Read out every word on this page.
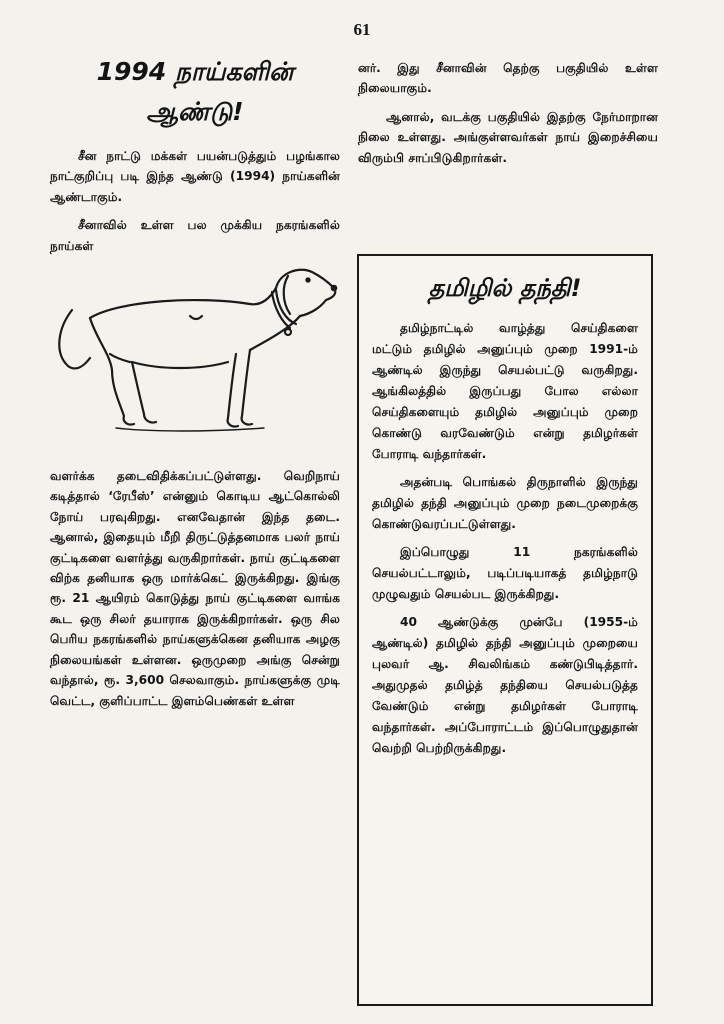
61
1994 நாய்களின் ஆண்டு!

சீன நாட்டு மக்கள் பயன்படுத்தும் பழங்கால நாட்குறிப்பு படி இந்த ஆண்டு (1994) நாய்களின் ஆண்டாகும்.

சீனாவில் உள்ள பல முக்கிய நகரங்களில் நாய்கள்

வளர்க்க தடைவிதிக்கப்பட்டுள்ளது. வெறிநாய் கடித்தால் ‘ரேபீஸ்’ என்னும் கொடிய ஆட்கொல்லி நோய் பரவுகிறது. எனவேதான் இந்த தடை. ஆனால், இதையும் மீறி திருட்டுத்தனமாக பலர் நாய் குட்டிகளை வளர்த்து வருகிறார்கள். நாய் குட்டிகளை விற்க தனியாக ஒரு மார்க்கெட் இருக்கிறது. இங்கு ரூ. 21 ஆயிரம் கொடுத்து நாய் குட்டிகளை வாங்க கூட ஒரு சிலர் தயாராக இருக்கிறார்கள். ஒரு சில பெரிய நகரங்களில் நாய்களுக்கென தனியாக அழகு நிலையங்கள் உள்ளன. ஒருமுறை அங்கு சென்று வந்தால், ரூ. 3,600 செலவாகும். நாய்களுக்கு முடி வெட்ட, குளிப்பாட்ட இளம்பெண்கள் உள்ள

னர். இது சீனாவின் தெற்கு பகுதியில் உள்ள நிலையாகும்.

ஆனால், வடக்கு பகுதியில் இதற்கு நேர்மாறான நிலை உள்ளது. அங்குள்ளவர்கள் நாய் இறைச்சியை விரும்பி சாப்பிடுகிறார்கள்.

தமிழில் தந்தி!

தமிழ்நாட்டில் வாழ்த்து செய்திகளை மட்டும் தமிழில் அனுப்பும் முறை 1991-ம் ஆண்டில் இருந்து செயல்பட்டு வருகிறது. ஆங்கிலத்தில் இருப்பது போல எல்லா செய்திகளையும் தமிழில் அனுப்பும் முறை கொண்டு வரவேண்டும் என்று தமிழர்கள் போராடி வந்தார்கள்.

அதன்படி பொங்கல் திருநாளில் இருந்து தமிழில் தந்தி அனுப்பும் முறை நடைமுறைக்கு கொண்டுவரப்பட்டுள்ளது.

இப்பொழுது 11 நகரங்களில் செயல்பட்டாலும், படிப்படியாகத் தமிழ்நாடு முழுவதும் செயல்பட இருக்கிறது.

40 ஆண்டுக்கு முன்பே (1955-ம் ஆண்டில்) தமிழில் தந்தி அனுப்பும் முறையை புலவர் ஆ. சிவலிங்கம் கண்டுபிடித்தார். அதுமுதல் தமிழ்த் தந்தியை செயல்படுத்த வேண்டும் என்று தமிழர்கள் போராடி வந்தார்கள். அப்போராட்டம் இப்பொழுதுதான் வெற்றி பெற்றிருக்கிறது.
